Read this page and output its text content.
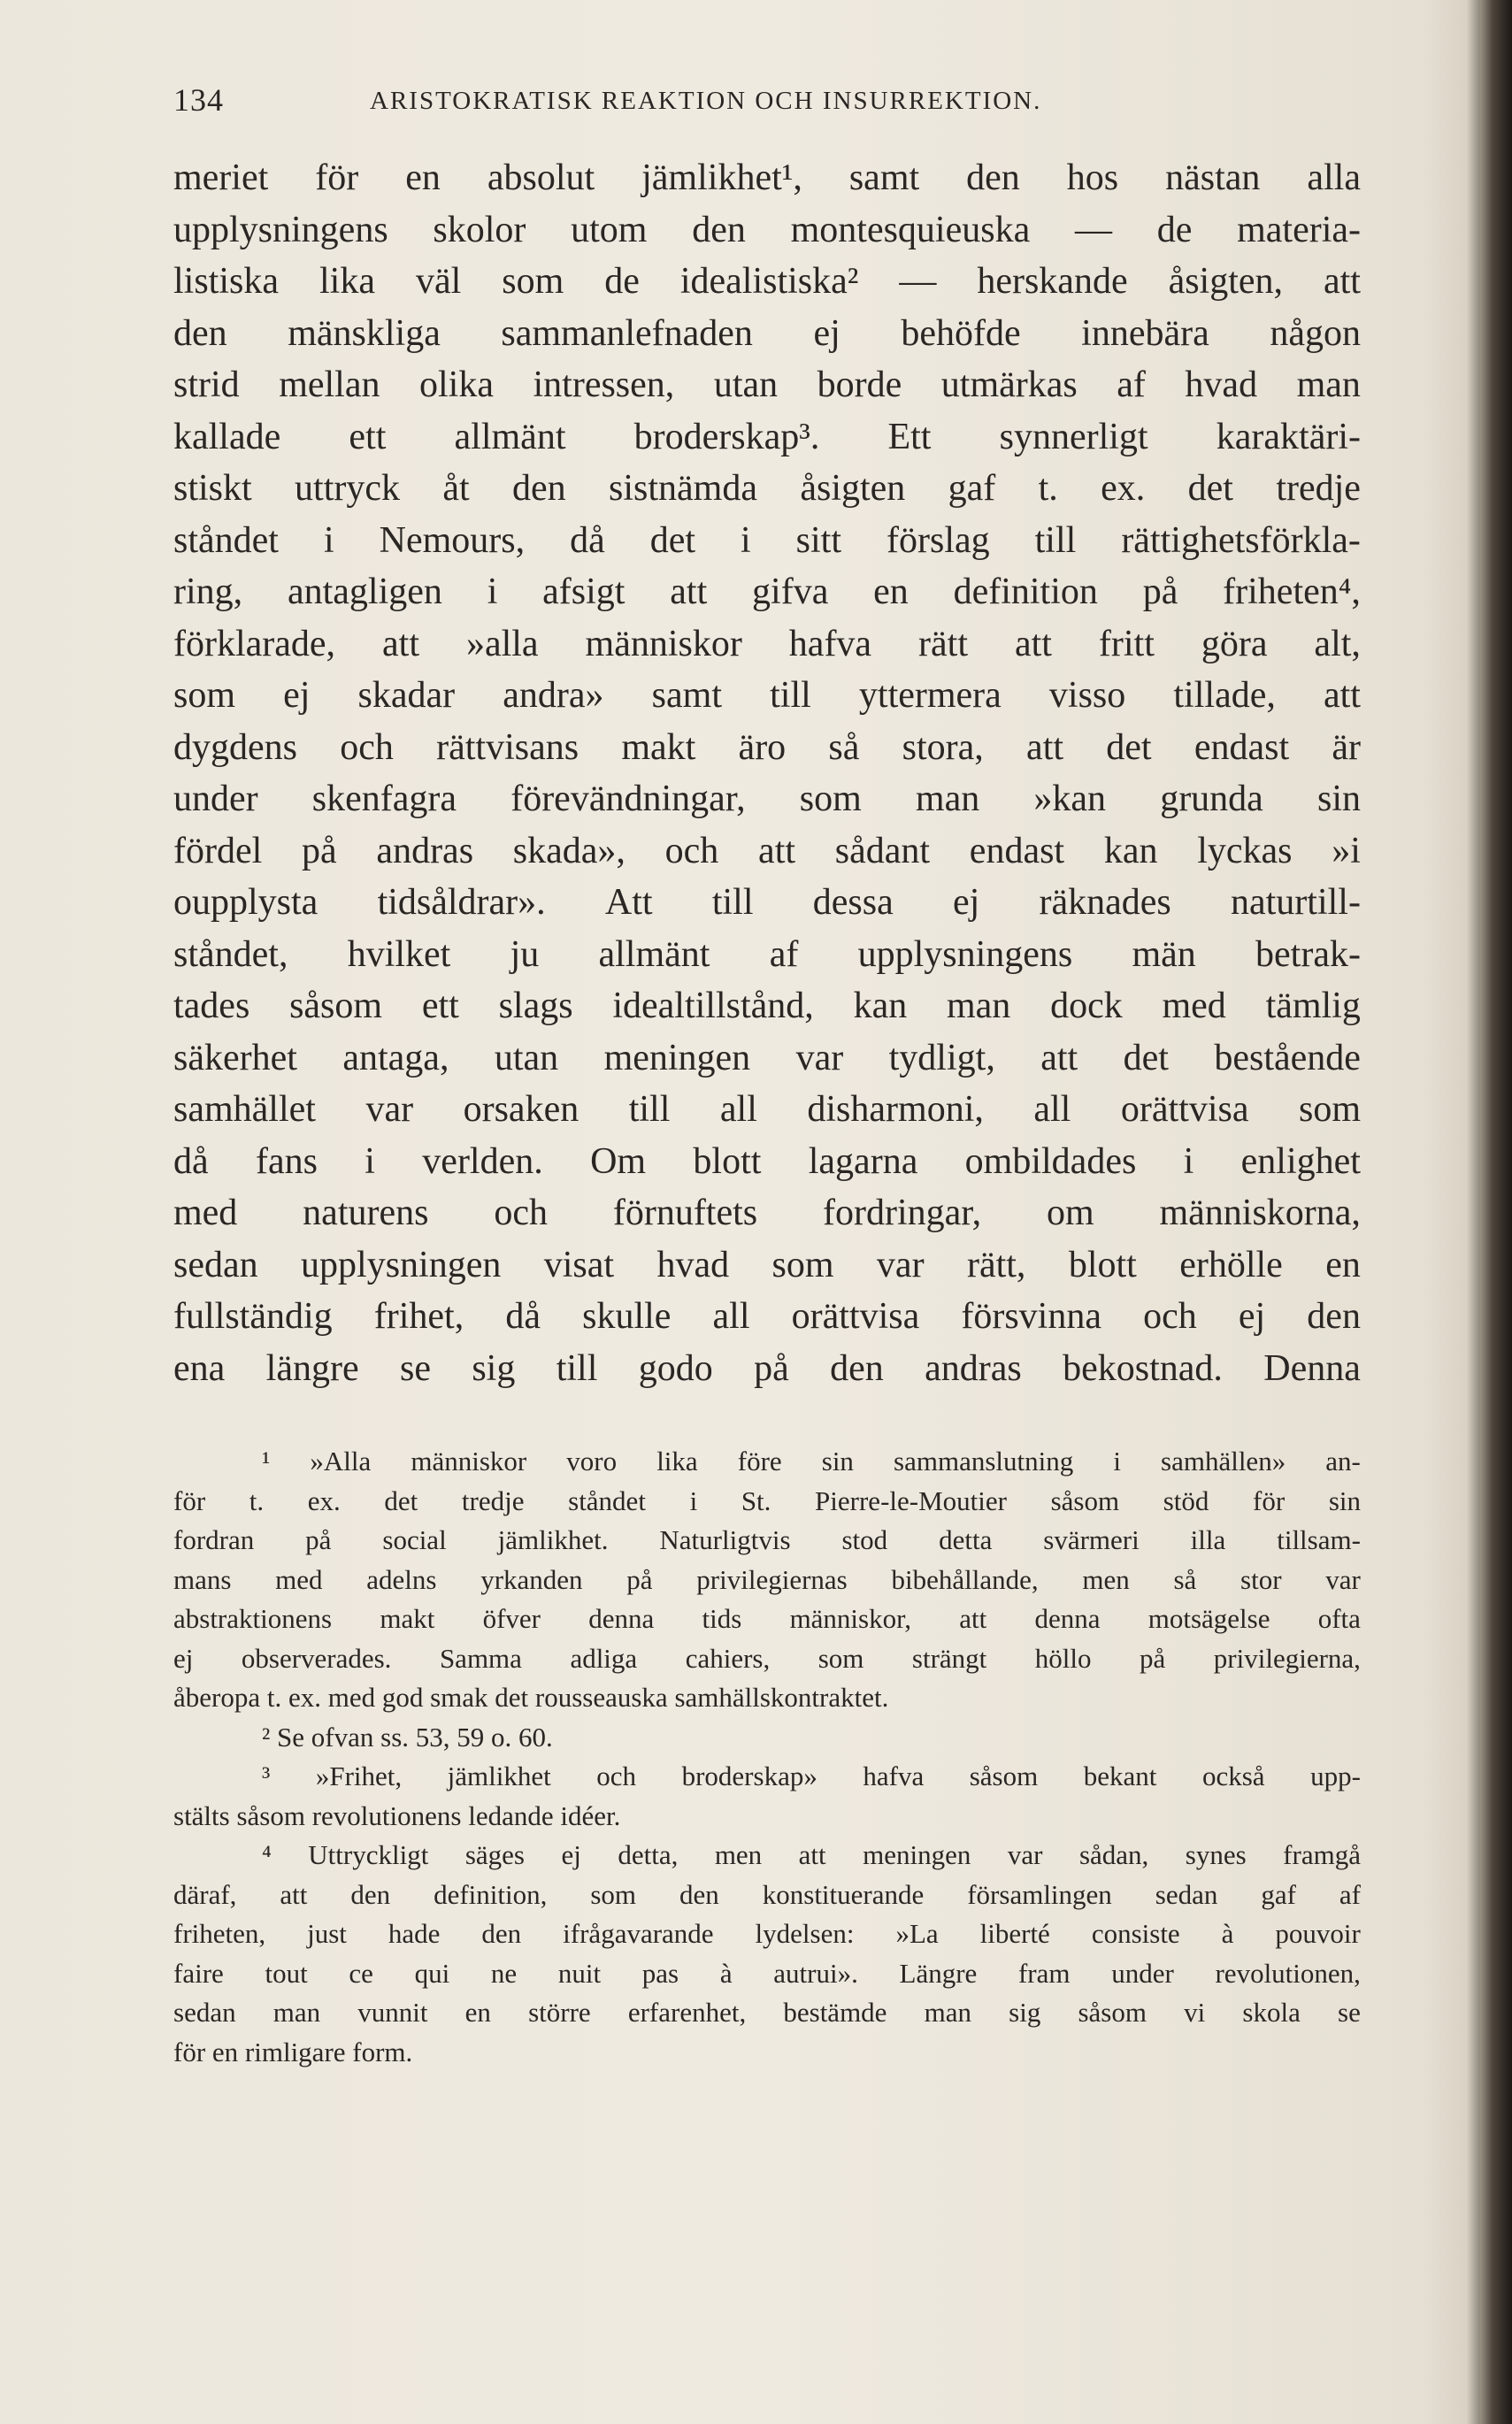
134	ARISTOKRATISK REAKTION OCH INSURREKTION.
meriet för en absolut jämlikhet¹, samt den hos nästan alla
upplysningens skolor utom den montesquieuska — de materia-
listiska lika väl som de idealistiska² — herskande åsigten, att
den mänskliga sammanlefnaden ej behöfde innebära någon
strid mellan olika intressen, utan borde utmärkas af hvad man
kallade ett allmänt broderskap³. Ett synnerligt karaktäri-
stiskt uttryck åt den sistnämda åsigten gaf t. ex. det tredje
ståndet i Nemours, då det i sitt förslag till rättighetsförkla-
ring, antagligen i afsigt att gifva en definition på friheten⁴,
förklarade, att »alla människor hafva rätt att fritt göra alt,
som ej skadar andra» samt till yttermera visso tillade, att
dygdens och rättvisans makt äro så stora, att det endast är
under skenfagra förevändningar, som man »kan grunda sin
fördel på andras skada», och att sådant endast kan lyckas »i
oupplysta tidsåldrar». Att till dessa ej räknades naturtill-
ståndet, hvilket ju allmänt af upplysningens män betrak-
tades såsom ett slags idealtillstånd, kan man dock med tämlig
säkerhet antaga, utan meningen var tydligt, att det bestående
samhället var orsaken till all disharmoni, all orättvisa som
då fans i verlden. Om blott lagarna ombildades i enlighet
med naturens och förnuftets fordringar, om människorna,
sedan upplysningen visat hvad som var rätt, blott erhölle en
fullständig frihet, då skulle all orättvisa försvinna och ej den
ena längre se sig till godo på den andras bekostnad. Denna
¹ »Alla människor voro lika före sin sammanslutning i samhällen» an-
för t. ex. det tredje ståndet i St. Pierre-le-Moutier såsom stöd för sin
fordran på social jämlikhet. Naturligtvis stod detta svärmeri illa tillsam-
mans med adelns yrkanden på privilegiernas bibehållande, men så stor var
abstraktionens makt öfver denna tids människor, att denna motsägelse ofta
ej observerades. Samma adliga cahiers, som strängt höllo på privilegierna,
åberopa t. ex. med god smak det rousseauska samhällskontraktet.
² Se ofvan ss. 53, 59 o. 60.
³ »Frihet, jämlikhet och broderskap» hafva såsom bekant också upp-
stälts såsom revolutionens ledande idéer.
⁴ Uttryckligt säges ej detta, men att meningen var sådan, synes framgå
däraf, att den definition, som den konstituerande församlingen sedan gaf af
friheten, just hade den ifrågavarande lydelsen: »La liberté consiste à pouvoir
faire tout ce qui ne nuit pas à autrui». Längre fram under revolutionen,
sedan man vunnit en större erfarenhet, bestämde man sig såsom vi skola se
för en rimligare form.
